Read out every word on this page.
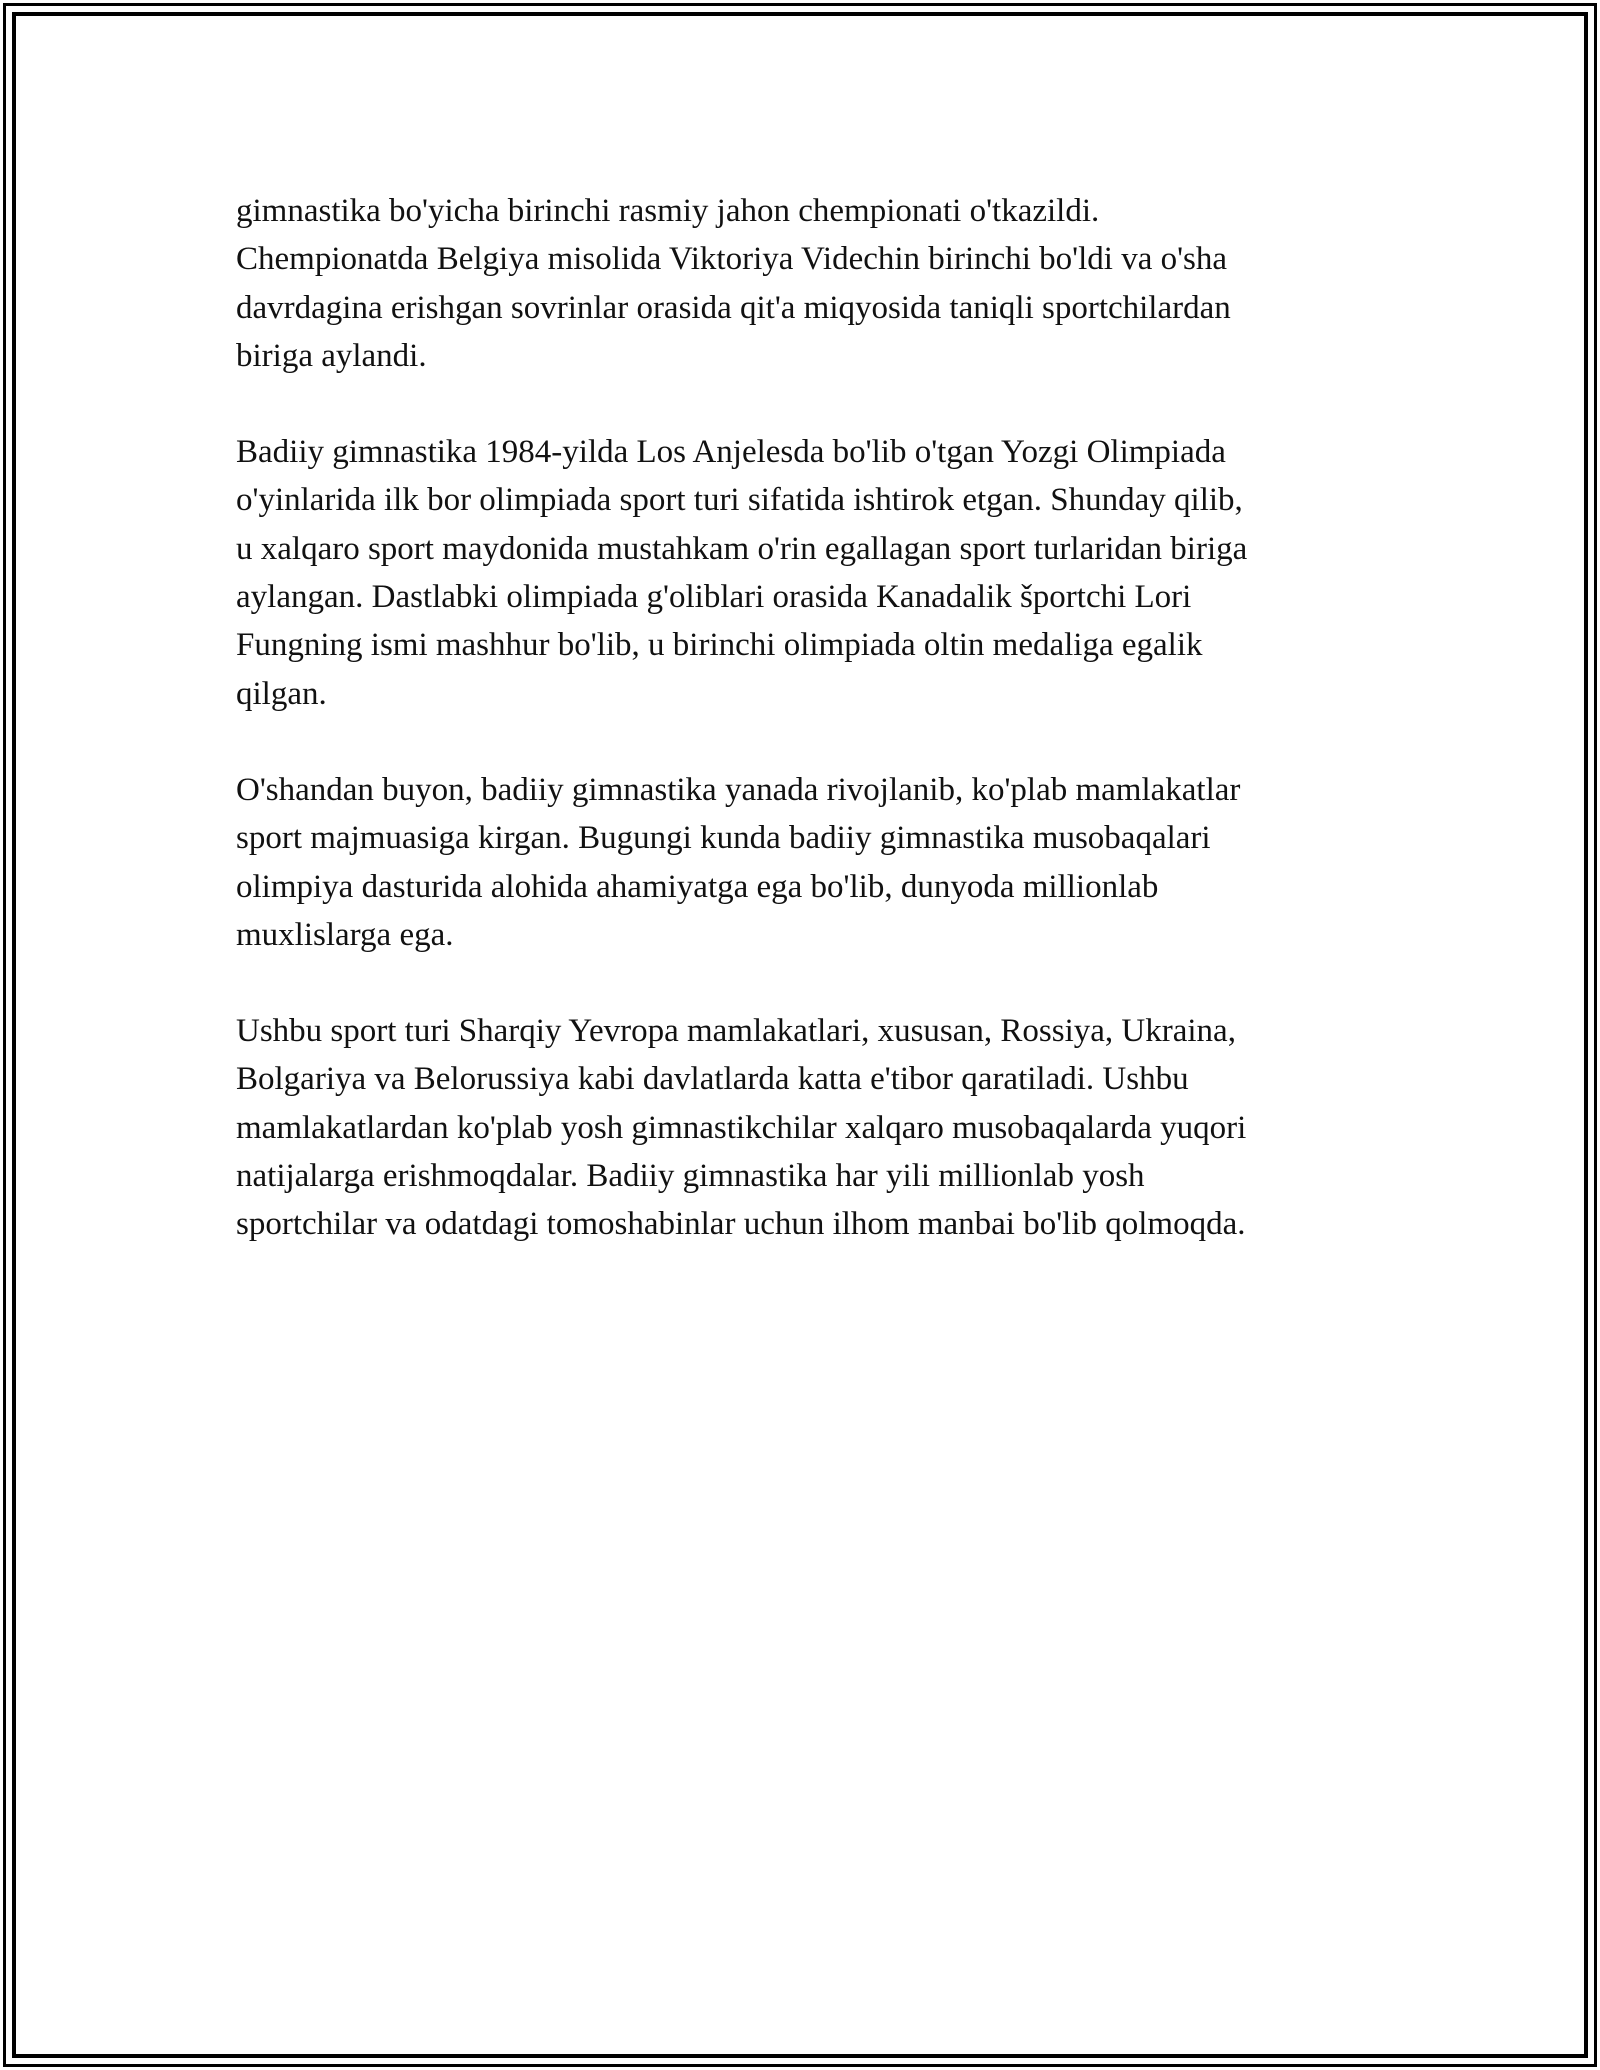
gimnastika bo'yicha birinchi rasmiy jahon chempionati o'tkazildi.
Chempionatda Belgiya misolida Viktoriya Videchin birinchi bo'ldi va o'sha
davrdagina erishgan sovrinlar orasida qit'a miqyosida taniqli sportchilardan
biriga aylandi.

Badiiy gimnastika 1984-yilda Los Anjelesda bo'lib o'tgan Yozgi Olimpiada
o'yinlarida ilk bor olimpiada sport turi sifatida ishtirok etgan. Shunday qilib,
u xalqaro sport maydonida mustahkam o'rin egallagan sport turlaridan biriga
aylangan. Dastlabki olimpiada g'oliblari orasida Kanadalik športchi Lori
Fungning ismi mashhur bo'lib, u birinchi olimpiada oltin medaliga egalik
qilgan.

O'shandan buyon, badiiy gimnastika yanada rivojlanib, ko'plab mamlakatlar
sport majmuasiga kirgan. Bugungi kunda badiiy gimnastika musobaqalari
olimpiya dasturida alohida ahamiyatga ega bo'lib, dunyoda millionlab
muxlislarga ega.

Ushbu sport turi Sharqiy Yevropa mamlakatlari, xususan, Rossiya, Ukraina,
Bolgariya va Belorussiya kabi davlatlarda katta e'tibor qaratiladi. Ushbu
mamlakatlardan ko'plab yosh gimnastikchilar xalqaro musobaqalarda yuqori
natijalarga erishmoqdalar. Badiiy gimnastika har yili millionlab yosh
sportchilar va odatdagi tomoshabinlar uchun ilhom manbai bo'lib qolmoqda.
